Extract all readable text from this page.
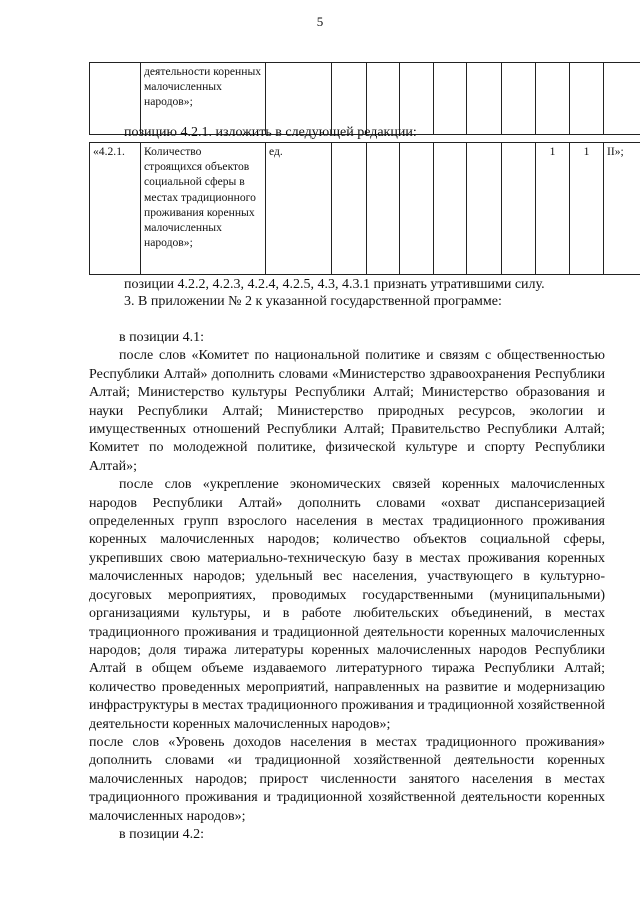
5
	деятельности коренных малочисленных народов»;										
позицию 4.2.1. изложить в следующей редакции:
«4.2.1.	Количество строящихся объектов социальной сферы в местах традиционного проживания коренных малочисленных народов»;	ед.							1	1	II»;
позиции 4.2.2, 4.2.3, 4.2.4, 4.2.5, 4.3, 4.3.1 признать утратившими силу.
3. В приложении № 2 к указанной государственной программе:

в позиции 4.1:

после слов «Комитет по национальной политике и связям с общественностью Республики Алтай» дополнить словами «Министерство здравоохранения Республики Алтай; Министерство культуры Республики Алтай; Министерство образования и науки Республики Алтай; Министерство природных ресурсов, экологии и имущественных отношений Республики Алтай; Правительство Республики Алтай; Комитет по молодежной политике, физической культуре и спорту Республики Алтай»;

после слов «укрепление экономических связей коренных малочисленных народов Республики Алтай» дополнить словами «охват диспансеризацией определенных групп взрослого населения в местах традиционного проживания коренных малочисленных народов; количество объектов социальной сферы, укрепивших свою материально-техническую базу в местах проживания коренных малочисленных народов; удельный вес населения, участвующего в культурно-досуговых мероприятиях, проводимых государственными (муниципальными) организациями культуры, и в работе любительских объединений, в местах традиционного проживания и традиционной деятельности коренных малочисленных народов; доля тиража литературы коренных малочисленных народов Республики Алтай в общем объеме издаваемого литературного тиража Республики Алтай; количество проведенных мероприятий, направленных на развитие и модернизацию инфраструктуры в местах традиционного проживания и традиционной хозяйственной деятельности коренных малочисленных народов»;

после слов «Уровень доходов населения в местах традиционного проживания» дополнить словами «и традиционной хозяйственной деятельности коренных малочисленных народов; прирост численности занятого населения в местах традиционного проживания и традиционной хозяйственной деятельности коренных малочисленных народов»;

в позиции 4.2:
